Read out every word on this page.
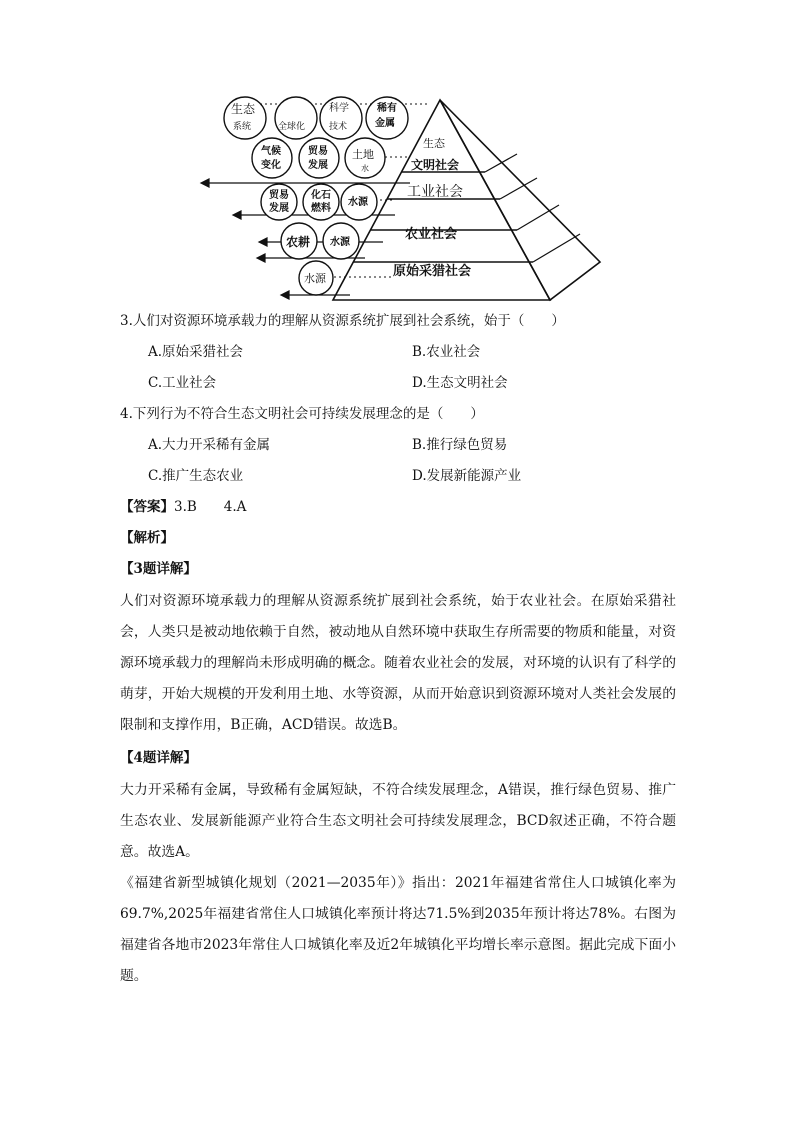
生态
文明社会
工业社会
农业社会
原始采猎社会
生态
系统	全球化
科学
技术
稀有
金属
气候
变化
贸易
发展
土地
水
贸易
发展
化石
燃料
水源
农耕 水源
水源
3.人们对资源环境承载力的理解从资源系统扩展到社会系统，始于（　　）
A.原始采猎社会	B.农业社会
C.工业社会	D.生态文明社会
4.下列行为不符合生态文明社会可持续发展理念的是（　　）
A.大力开采稀有金属	B.推行绿色贸易
C.推广生态农业	D.发展新能源产业
【答案】3.B　　4.A
【解析】
【3题详解】

人们对资源环境承载力的理解从资源系统扩展到社会系统，始于农业社会。在原始采猎社会，人类只是被动地依赖于自然，被动地从自然环境中获取生存所需要的物质和能量，对资源环境承载力的理解尚未形成明确的概念。随着农业社会的发展，对环境的认识有了科学的萌芽，开始大规模的开发利用土地、水等资源，从而开始意识到资源环境对人类社会发展的限制和支撑作用，B正确，ACD错误。故选B。

【4题详解】

大力开采稀有金属，导致稀有金属短缺，不符合续发展理念，A错误，推行绿色贸易、推广生态农业、发展新能源产业符合生态文明社会可持续发展理念，BCD叙述正确，不符合题意。故选A。

《福建省新型城镇化规划（2021—2035年）》指出：2021年福建省常住人口城镇化率为69.7%,2025年福建省常住人口城镇化率预计将达71.5%到2035年预计将达78%。右图为福建省各地市2023年常住人口城镇化率及近2年城镇化平均增长率示意图。据此完成下面小题。
